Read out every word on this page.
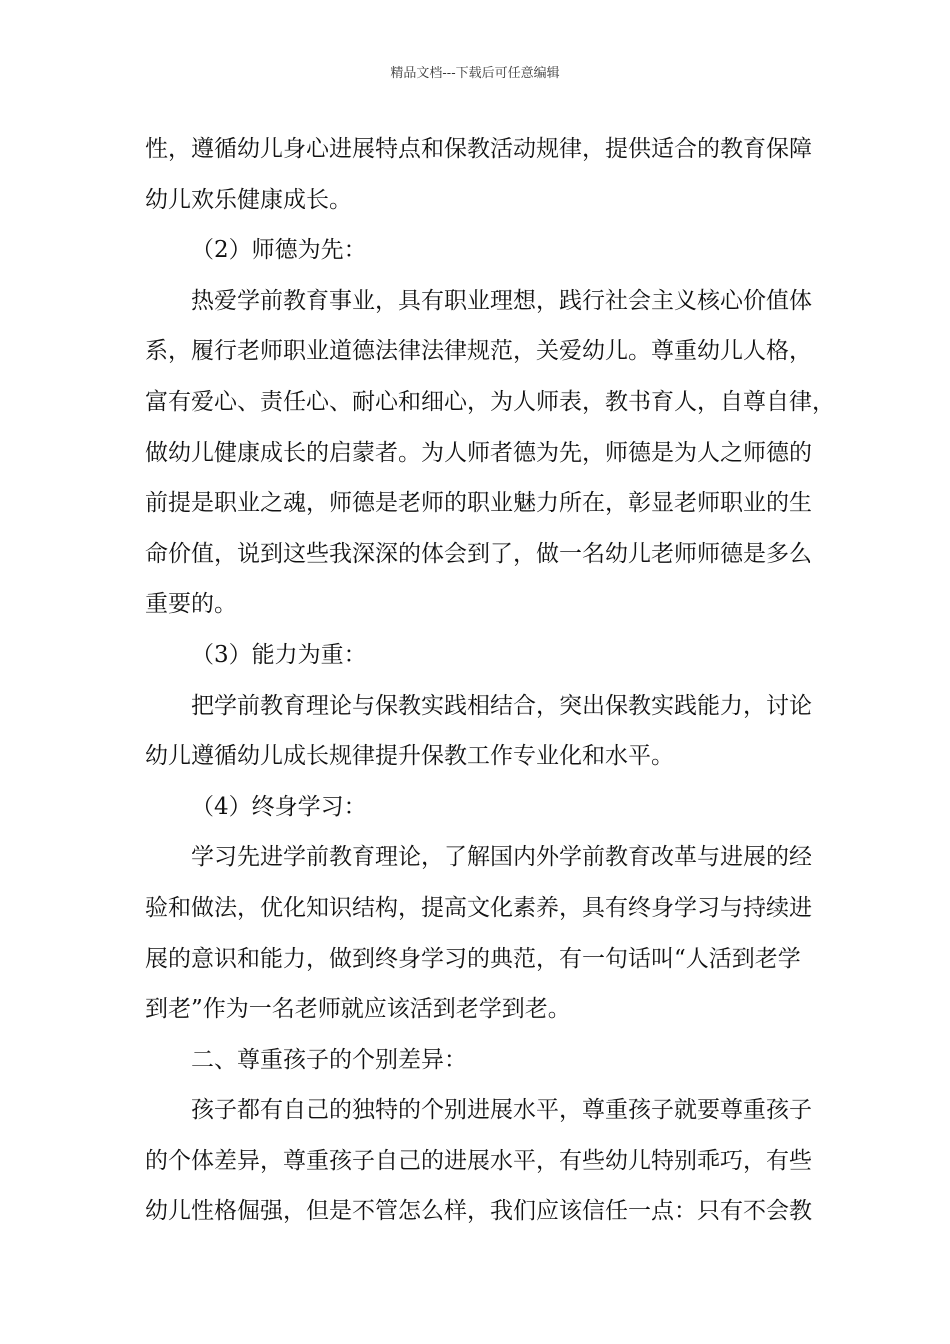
精品文档---下载后可任意编辑
性，遵循幼儿身心进展特点和保教活动规律，提供适合的教育保障
幼儿欢乐健康成长。
（2）师德为先：
热爱学前教育事业，具有职业理想，践行社会主义核心价值体
系，履行老师职业道德法律法律规范，关爱幼儿。尊重幼儿人格，
富有爱心、责任心、耐心和细心，为人师表，教书育人，自尊自律，
做幼儿健康成长的启蒙者。为人师者德为先，师德是为人之师德的
前提是职业之魂，师德是老师的职业魅力所在，彰显老师职业的生
命价值，说到这些我深深的体会到了，做一名幼儿老师师德是多么
重要的。
（3）能力为重：
把学前教育理论与保教实践相结合，突出保教实践能力，讨论
幼儿遵循幼儿成长规律提升保教工作专业化和水平。
（4）终身学习：
学习先进学前教育理论，了解国内外学前教育改革与进展的经
验和做法，优化知识结构，提高文化素养，具有终身学习与持续进
展的意识和能力，做到终身学习的典范，有一句话叫“人活到老学
到老”作为一名老师就应该活到老学到老。
二、尊重孩子的个别差异：
孩子都有自己的独特的个别进展水平，尊重孩子就要尊重孩子
的个体差异，尊重孩子自己的进展水平，有些幼儿特别乖巧，有些
幼儿性格倔强，但是不管怎么样，我们应该信任一点：只有不会教
